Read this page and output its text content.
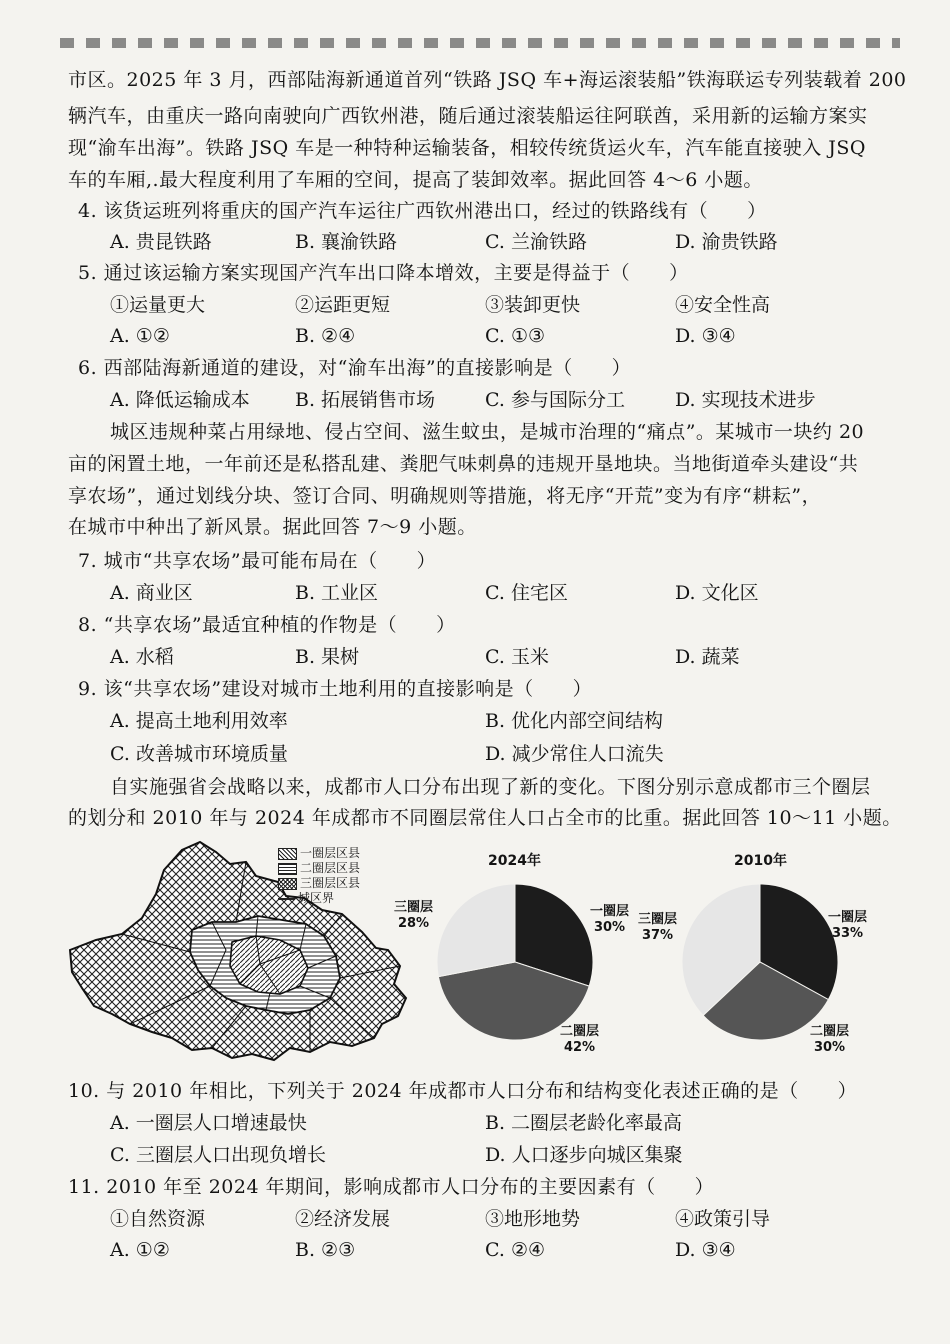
市区。2025 年 3 月，西部陆海新通道首列“铁路 JSQ 车+海运滚装船”铁海联运专列装载着 200
辆汽车，由重庆一路向南驶向广西钦州港，随后通过滚装船运往阿联酋，采用新的运输方案实
现“渝车出海”。铁路 JSQ 车是一种特种运输装备，相较传统货运火车，汽车能直接驶入 JSQ
车的车厢,.最大程度利用了车厢的空间，提高了装卸效率。据此回答 4～6 小题。
4. 该货运班列将重庆的国产汽车运往广西钦州港出口，经过的铁路线有（　　）
A. 贵昆铁路	B. 襄渝铁路	C. 兰渝铁路	D. 渝贵铁路
5. 通过该运输方案实现国产汽车出口降本增效，主要是得益于（　　）
①运量更大	②运距更短	③装卸更快	④安全性高
A. ①②	B. ②④	C. ①③	D. ③④
6. 西部陆海新通道的建设，对“渝车出海”的直接影响是（　　）
A. 降低运输成本 B. 拓展销售市场	C. 参与国际分工	D. 实现技术进步
城区违规种菜占用绿地、侵占空间、滋生蚊虫，是城市治理的“痛点”。某城市一块约 20
亩的闲置土地，一年前还是私搭乱建、粪肥气味刺鼻的违规开垦地块。当地街道牵头建设“共
享农场”，通过划线分块、签订合同、明确规则等措施，将无序“开荒”变为有序“耕耘”，
在城市中种出了新风景。据此回答 7～9 小题。
7. 城市“共享农场”最可能布局在（　　）
A. 商业区	B. 工业区	C. 住宅区	D. 文化区
8. “共享农场”最适宜种植的作物是（　　）
A. 水稻	B. 果树	C. 玉米	D. 蔬菜
9. 该“共享农场”建设对城市土地利用的直接影响是（　　）
A. 提高土地利用效率	B. 优化内部空间结构
C. 改善城市环境质量	D. 减少常住人口流失
自实施强省会战略以来，成都市人口分布出现了新的变化。下图分别示意成都市三个圈层
的划分和 2010 年与 2024 年成都市不同圈层常住人口占全市的比重。据此回答 10～11 小题。
一圈层区县
二圈层区县
三圈层区县
城区界
2024年	2010年
三圈层
28%
一圈层
30%
二圈层
42%
三圈层
37%
一圈层
33%
二圈层
30%
10. 与 2010 年相比，下列关于 2024 年成都市人口分布和结构变化表述正确的是（　　）
A. 一圈层人口增速最快	B. 二圈层老龄化率最高
C. 三圈层人口出现负增长	D. 人口逐步向城区集聚
11. 2010 年至 2024 年期间，影响成都市人口分布的主要因素有（　　）
①自然资源	②经济发展	③地形地势	④政策引导
A. ①②	B. ②③	C. ②④	D. ③④
